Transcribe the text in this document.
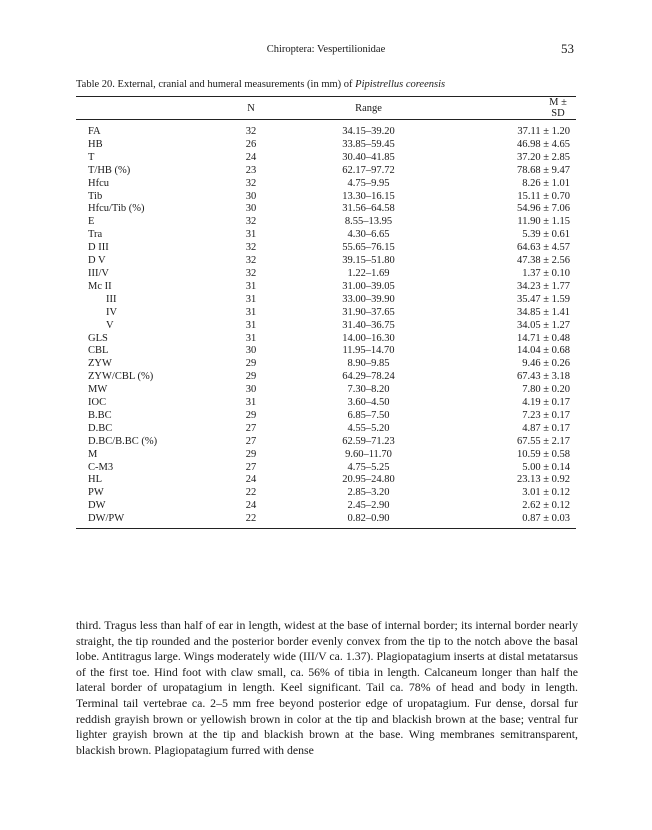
Chiroptera: Vespertilionidae	53
Table 20. External, cranial and humeral measurements (in mm) of Pipistrellus coreensis
	N	Range	M ± SD
FA	32	34.15–39.20	37.11 ± 1.20
HB	26	33.85–59.45	46.98 ± 4.65
T	24	30.40–41.85	37.20 ± 2.85
T/HB (%)	23	62.17–97.72	78.68 ± 9.47
Hfcu	32	4.75–9.95	8.26 ± 1.01
Tib	30	13.30–16.15	15.11 ± 0.70
Hfcu/Tib (%)	30	31.56–64.58	54.96 ± 7.06
E	32	8.55–13.95	11.90 ± 1.15
Tra	31	4.30–6.65	5.39 ± 0.61
D III	32	55.65–76.15	64.63 ± 4.57
D V	32	39.15–51.80	47.38 ± 2.56
III/V	32	1.22–1.69	1.37 ± 0.10
Mc II	31	31.00–39.05	34.23 ± 1.77
III	31	33.00–39.90	35.47 ± 1.59
IV	31	31.90–37.65	34.85 ± 1.41
V	31	31.40–36.75	34.05 ± 1.27
GLS	31	14.00–16.30	14.71 ± 0.48
CBL	30	11.95–14.70	14.04 ± 0.68
ZYW	29	8.90–9.85	9.46 ± 0.26
ZYW/CBL (%)	29	64.29–78.24	67.43 ± 3.18
MW	30	7.30–8.20	7.80 ± 0.20
IOC	31	3.60–4.50	4.19 ± 0.17
B.BC	29	6.85–7.50	7.23 ± 0.17
D.BC	27	4.55–5.20	4.87 ± 0.17
D.BC/B.BC (%)	27	62.59–71.23	67.55 ± 2.17
M	29	9.60–11.70	10.59 ± 0.58
C-M3	27	4.75–5.25	5.00 ± 0.14
HL	24	20.95–24.80	23.13 ± 0.92
PW	22	2.85–3.20	3.01 ± 0.12
DW	24	2.45–2.90	2.62 ± 0.12
DW/PW	22	0.82–0.90	0.87 ± 0.03
third. Tragus less than half of ear in length, widest at the base of internal border; its internal border nearly straight, the tip rounded and the posterior border evenly convex from the tip to the notch above the basal lobe. Antitragus large. Wings moderately wide (III/V ca. 1.37). Plagiopatagium inserts at distal metatarsus of the first toe. Hind foot with claw small, ca. 56% of tibia in length. Calcaneum longer than half the lateral border of uropatagium in length. Keel significant. Tail ca. 78% of head and body in length. Terminal tail vertebrae ca. 2–5 mm free beyond posterior edge of uropatagium. Fur dense, dorsal fur reddish grayish brown or yellowish brown in color at the tip and blackish brown at the base; ventral fur lighter grayish brown at the tip and blackish brown at the base. Wing membranes semitransparent, blackish brown. Plagiopatagium furred with dense
